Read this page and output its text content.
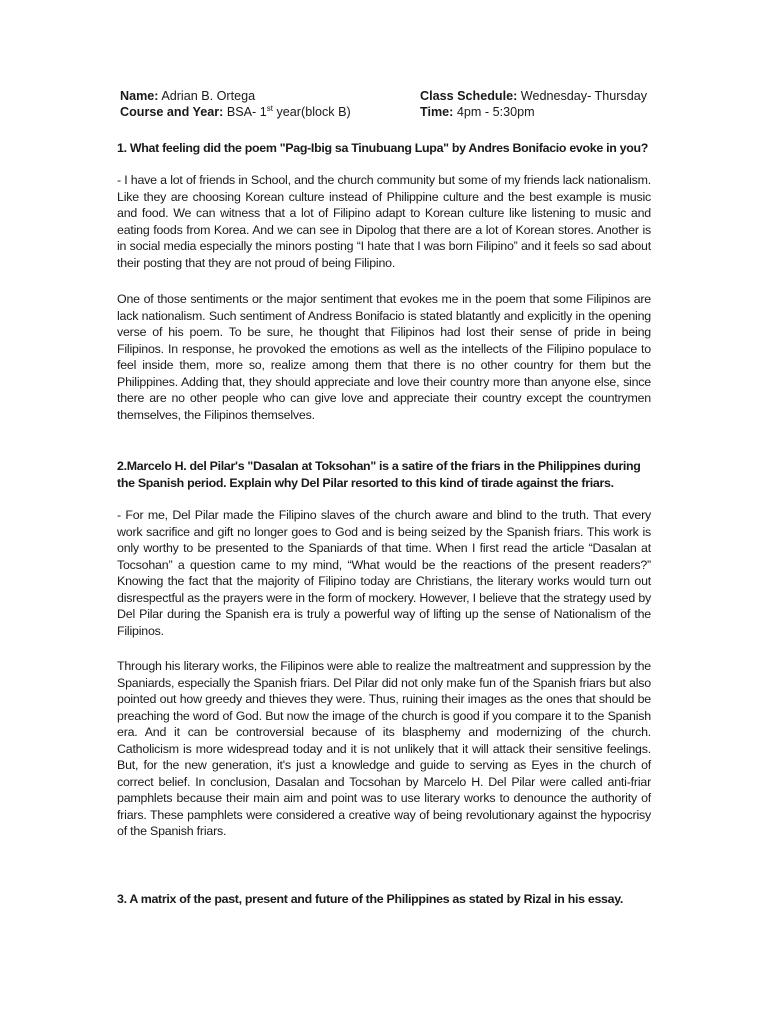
Name: Adrian B. Ortega
Course and Year: BSA- 1st year(block B)
Class Schedule: Wednesday- Thursday
Time: 4pm - 5:30pm
1. What feeling did the poem "Pag-Ibig sa Tinubuang Lupa" by Andres Bonifacio evoke in you?

- I have a lot of friends in School, and the church community but some of my friends lack nationalism. Like they are choosing Korean culture instead of Philippine culture and the best example is music and food. We can witness that a lot of Filipino adapt to Korean culture like listening to music and eating foods from Korea. And we can see in Dipolog that there are a lot of Korean stores. Another is in social media especially the minors posting “I hate that I was born Filipino” and it feels so sad about their posting that they are not proud of being Filipino.

One of those sentiments or the major sentiment that evokes me in the poem that some Filipinos are lack nationalism. Such sentiment of Andress Bonifacio is stated blatantly and explicitly in the opening verse of his poem. To be sure, he thought that Filipinos had lost their sense of pride in being Filipinos. In response, he provoked the emotions as well as the intellects of the Filipino populace to feel inside them, more so, realize among them that there is no other country for them but the Philippines. Adding that, they should appreciate and love their country more than anyone else, since there are no other people who can give love and appreciate their country except the countrymen themselves, the Filipinos themselves.

2.Marcelo H. del Pilar's "Dasalan at Toksohan" is a satire of the friars in the Philippines during the Spanish period. Explain why Del Pilar resorted to this kind of tirade against the friars.

- For me, Del Pilar made the Filipino slaves of the church aware and blind to the truth. That every work sacrifice and gift no longer goes to God and is being seized by the Spanish friars. This work is only worthy to be presented to the Spaniards of that time. When I first read the article “Dasalan at Tocsohan” a question came to my mind, “What would be the reactions of the present readers?” Knowing the fact that the majority of Filipino today are Christians, the literary works would turn out disrespectful as the prayers were in the form of mockery. However, I believe that the strategy used by Del Pilar during the Spanish era is truly a powerful way of lifting up the sense of Nationalism of the Filipinos.

Through his literary works, the Filipinos were able to realize the maltreatment and suppression by the Spaniards, especially the Spanish friars. Del Pilar did not only make fun of the Spanish friars but also pointed out how greedy and thieves they were. Thus, ruining their images as the ones that should be preaching the word of God. But now the image of the church is good if you compare it to the Spanish era. And it can be controversial because of its blasphemy and modernizing of the church. Catholicism is more widespread today and it is not unlikely that it will attack their sensitive feelings. But, for the new generation, it's just a knowledge and guide to serving as Eyes in the church of correct belief. In conclusion, Dasalan and Tocsohan by Marcelo H. Del Pilar were called anti-friar pamphlets because their main aim and point was to use literary works to denounce the authority of friars. These pamphlets were considered a creative way of being revolutionary against the hypocrisy of the Spanish friars.

3. A matrix of the past, present and future of the Philippines as stated by Rizal in his essay.
